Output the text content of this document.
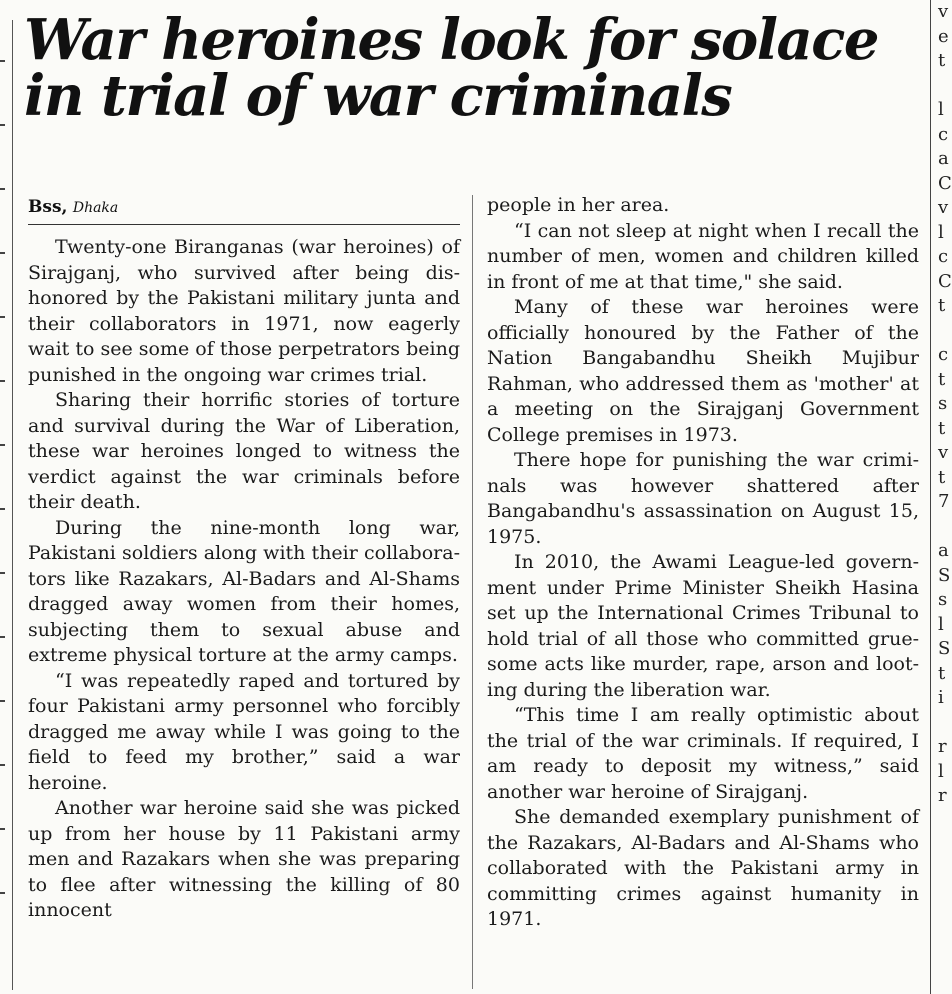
War heroines look for solace
in trial of war criminals
Bss, Dhaka

Twenty-one Biranganas (war heroines) of Sirajganj, who survived after being dishonored by the Pakistani military junta and their collaborators in 1971, now eagerly wait to see some of those perpetrators being punished in the ongoing war crimes trial.

Sharing their horrific stories of torture and survival during the War of Liberation, these war heroines longed to witness the verdict against the war criminals before their death.

During the nine-month long war, Pakistani soldiers along with their collaborators like Razakars, Al-Badars and Al-Shams dragged away women from their homes, subjecting them to sexual abuse and extreme physical torture at the army camps.

“I was repeatedly raped and tortured by four Pakistani army personnel who forcibly dragged me away while I was going to the field to feed my brother,” said a war heroine.

Another war heroine said she was picked up from her house by 11 Pakistani army men and Razakars when she was preparing to flee after witnessing the killing of 80 innocent

people in her area.

“I can not sleep at night when I recall the number of men, women and children killed in front of me at that time," she said.

Many of these war heroines were officially honoured by the Father of the Nation Bangabandhu Sheikh Mujibur Rahman, who addressed them as 'mother' at a meeting on the Sirajganj Government College premises in 1973.

There hope for punishing the war criminals was however shattered after Bangabandhu's assassination on August 15, 1975.

In 2010, the Awami League-led government under Prime Minister Sheikh Hasina set up the International Crimes Tribunal to hold trial of all those who committed gruesome acts like murder, rape, arson and looting during the liberation war.

“This time I am really optimistic about the trial of the war criminals. If required, I am ready to deposit my witness,” said another war heroine of Sirajganj.

She demanded exemplary punishment of the Razakars, Al-Badars and Al-Shams who collaborated with the Pakistani army in committing crimes against humanity in 1971.

v
e
t

l
c
a
C
v
l
c
C
t

c
t
s
t
v
t
7

a
S
s
l
S
t
i

r
l
r
